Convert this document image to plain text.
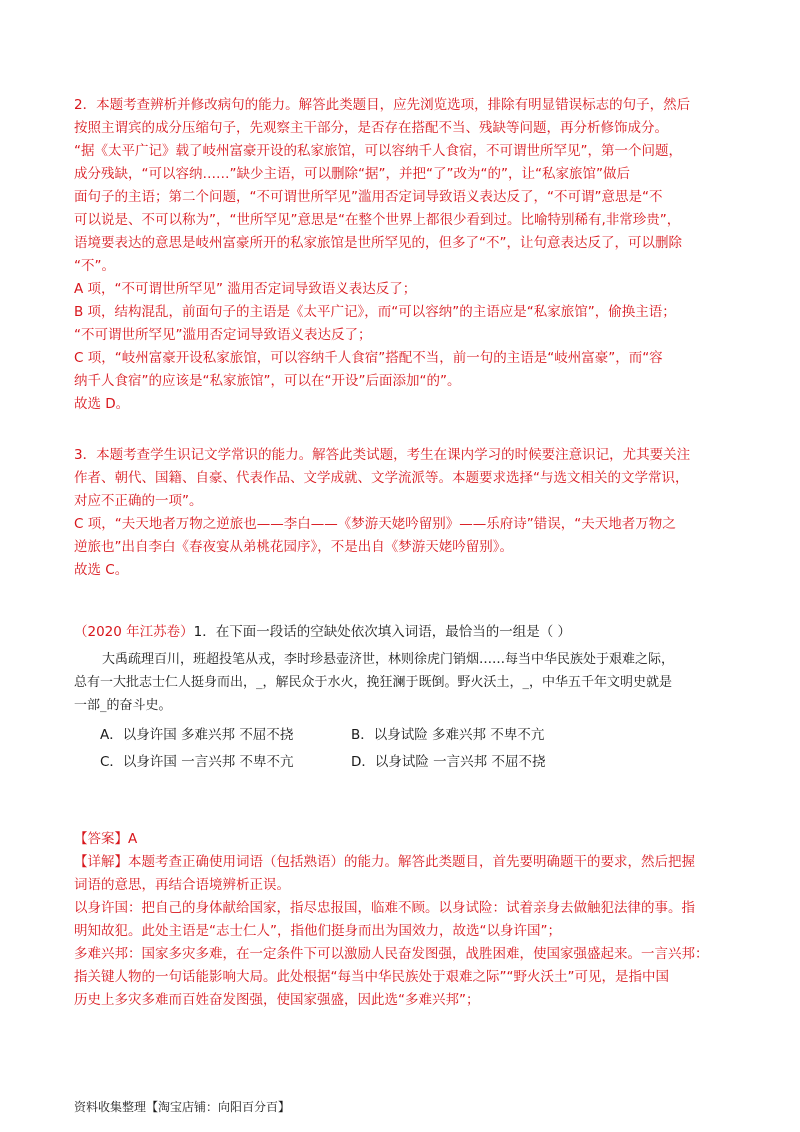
2．本题考查辨析并修改病句的能力。解答此类题目，应先浏览选项，排除有明显错误标志的句子，然后
按照主谓宾的成分压缩句子，先观察主干部分，是否存在搭配不当、残缺等问题，再分析修饰成分。
“据《太平广记》载了岐州富豪开设的私家旅馆，可以容纳千人食宿，不可谓世所罕见”，第一个问题，
成分残缺，“可以容纳……”缺少主语，可以删除“据”，并把“了”改为“的”，让“私家旅馆”做后
面句子的主语；第二个问题，“不可谓世所罕见”滥用否定词导致语义表达反了，“不可谓”意思是“不
可以说是、不可以称为”，“世所罕见”意思是“在整个世界上都很少看到过。比喻特别稀有,非常珍贵”，
语境要表达的意思是岐州富豪所开的私家旅馆是世所罕见的，但多了“不”，让句意表达反了，可以删除
“不”。
A 项，“不可谓世所罕见” 滥用否定词导致语义表达反了；
B 项，结构混乱，前面句子的主语是《太平广记》，而“可以容纳”的主语应是“私家旅馆”，偷换主语；
“不可谓世所罕见”滥用否定词导致语义表达反了；
C 项，“岐州富豪开设私家旅馆，可以容纳千人食宿”搭配不当，前一句的主语是“岐州富豪”，而“容
纳千人食宿”的应该是“私家旅馆”，可以在“开设”后面添加“的”。
故选 D。
3．本题考查学生识记文学常识的能力。解答此类试题，考生在课内学习的时候要注意识记，尤其要关注
作者、朝代、国籍、自豪、代表作品、文学成就、文学流派等。本题要求选择“与选文相关的文学常识，
对应不正确的一项”。
C 项，“夫天地者万物之逆旅也——李白——《梦游天姥吟留别》——乐府诗”错误，“夫天地者万物之
逆旅也”出自李白《春夜宴从弟桃花园序》，不是出自《梦游天姥吟留别》。
故选 C。
（2020 年江苏卷）1．在下面一段话的空缺处依次填入词语，最恰当的一组是（ ）
大禹疏理百川，班超投笔从戎，李时珍悬壶济世，林则徐虎门销烟……每当中华民族处于艰难之际，
总有一大批志士仁人挺身而出，_，解民众于水火，挽狂澜于既倒。野火沃土，_，中华五千年文明史就是
一部_的奋斗史。
A．以身许国 多难兴邦 不屈不挠	B．以身试险 多难兴邦 不卑不亢
C．以身许国 一言兴邦 不卑不亢	D．以身试险 一言兴邦 不屈不挠
【答案】A
【详解】本题考查正确使用词语（包括熟语）的能力。解答此类题目，首先要明确题干的要求，然后把握
词语的意思，再结合语境辨析正误。
以身许国：把自己的身体献给国家，指尽忠报国，临难不顾。以身试险：试着亲身去做触犯法律的事。指
明知故犯。此处主语是“志士仁人”，指他们挺身而出为国效力，故选“以身许国”；
多难兴邦：国家多灾多难，在一定条件下可以激励人民奋发图强，战胜困难，使国家强盛起来。一言兴邦：
指关键人物的一句话能影响大局。此处根据“每当中华民族处于艰难之际”“野火沃土”可见，是指中国
历史上多灾多难而百姓奋发图强，使国家强盛，因此选“多难兴邦”；
资料收集整理【淘宝店铺：向阳百分百】
